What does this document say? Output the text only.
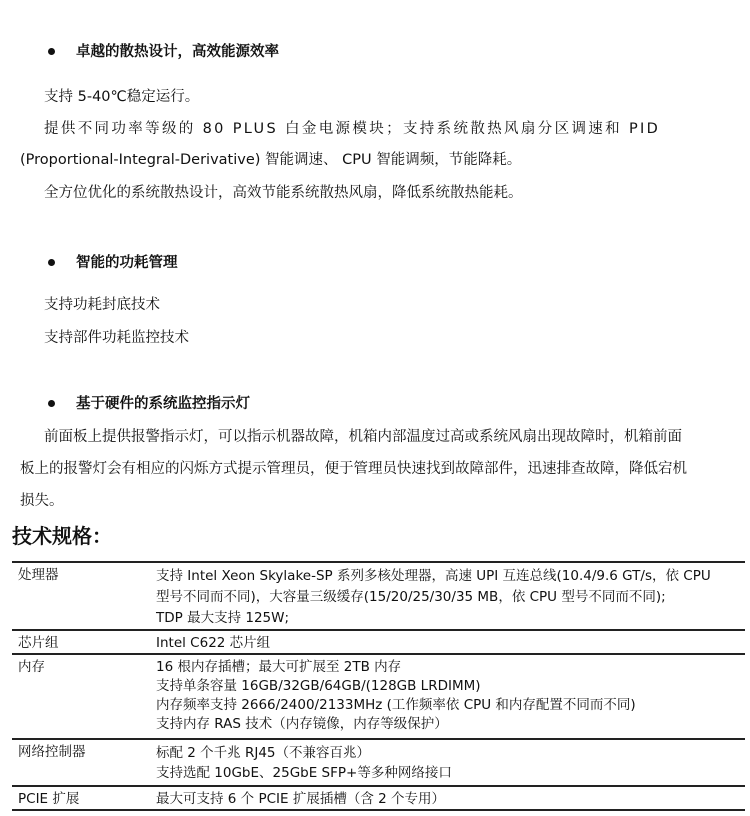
卓越的散热设计，高效能源效率
支持 5-40℃稳定运行。
提供不同功率等级的 80 PLUS 白金电源模块；支持系统散热风扇分区调速和 PID
(Proportional-Integral-Derivative) 智能调速、 CPU 智能调频，节能降耗。
全方位优化的系统散热设计，高效节能系统散热风扇，降低系统散热能耗。
智能的功耗管理
支持功耗封底技术
支持部件功耗监控技术
基于硬件的系统监控指示灯
前面板上提供报警指示灯，可以指示机器故障，机箱内部温度过高或系统风扇出现故障时，机箱前面
板上的报警灯会有相应的闪烁方式提示管理员，便于管理员快速找到故障部件，迅速排查故障，降低宕机
损失。
技术规格：
处理器	支持 Intel Xeon Skylake-SP 系列多核处理器，高速 UPI 互连总线(10.4/9.6 GT/s，依 CPU
型号不同而不同)，大容量三级缓存(15/20/25/30/35 MB，依 CPU 型号不同而不同);
TDP 最大支持 125W;
芯片组	Intel C622 芯片组
内存	16 根内存插槽；最大可扩展至 2TB 内存
支持单条容量 16GB/32GB/64GB/(128GB LRDIMM)
内存频率支持 2666/2400/2133MHz (工作频率依 CPU 和内存配置不同而不同)
支持内存 RAS 技术（内存镜像，内存等级保护）
网络控制器	标配 2 个千兆 RJ45（不兼容百兆）
支持选配 10GbE、25GbE SFP+等多种网络接口
PCIE 扩展	最大可支持 6 个 PCIE 扩展插槽（含 2 个专用）
